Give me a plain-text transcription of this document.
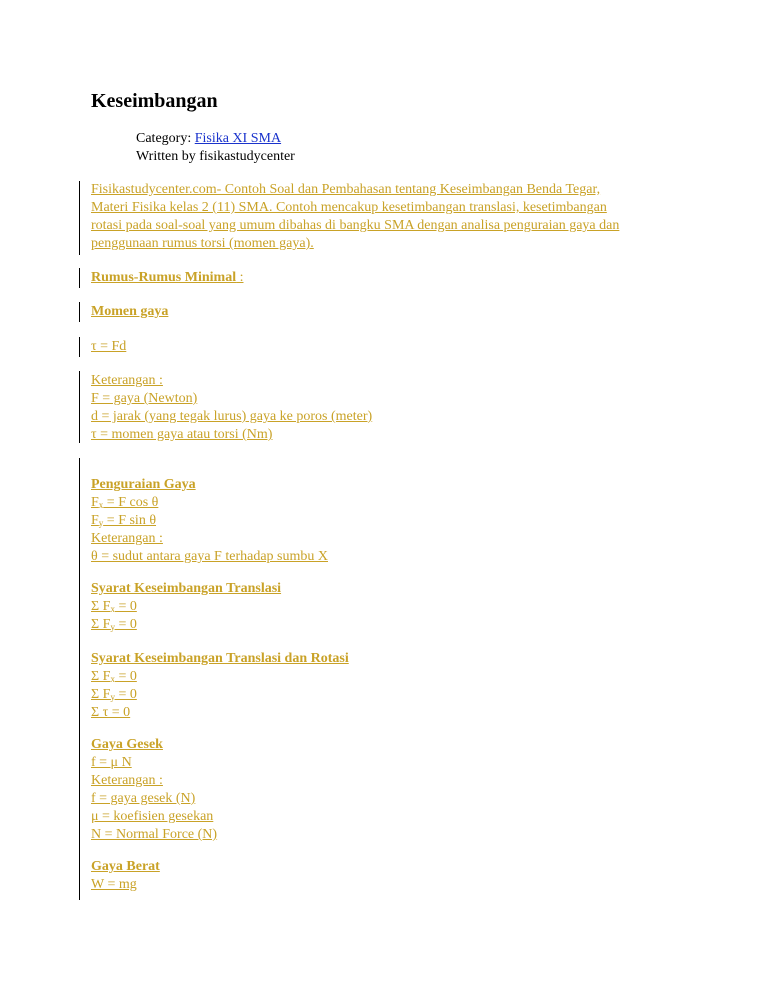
Keseimbangan
Category: Fisika XI SMA
Written by fisikastudycenter
Fisikastudycenter.com- Contoh Soal dan Pembahasan tentang Keseimbangan Benda Tegar,
Materi Fisika kelas 2 (11) SMA. Contoh mencakup kesetimbangan translasi, kesetimbangan
rotasi pada soal-soal yang umum dibahas di bangku SMA dengan analisa penguraian gaya dan
penggunaan rumus torsi (momen gaya).
Rumus-Rumus Minimal :
Momen gaya
τ = Fd
Keterangan :
F = gaya (Newton)
d = jarak (yang tegak lurus) gaya ke poros (meter)
τ = momen gaya atau torsi (Nm)
Penguraian Gaya
$F_x = F$ cos θ
$F_y = F$ sin θ
Keterangan :
θ = sudut antara gaya F terhadap sumbu X
Syarat Keseimbangan Translasi
Σ $F_x = 0$
Σ $F_y = 0$
Syarat Keseimbangan Translasi dan Rotasi
Σ $F_x = 0$
Σ $F_y = 0$
Σ τ = 0
Gaya Gesek
f = μ N
Keterangan :
f = gaya gesek (N)
μ = koefisien gesekan
N = Normal Force (N)
Gaya Berat
W = mg
